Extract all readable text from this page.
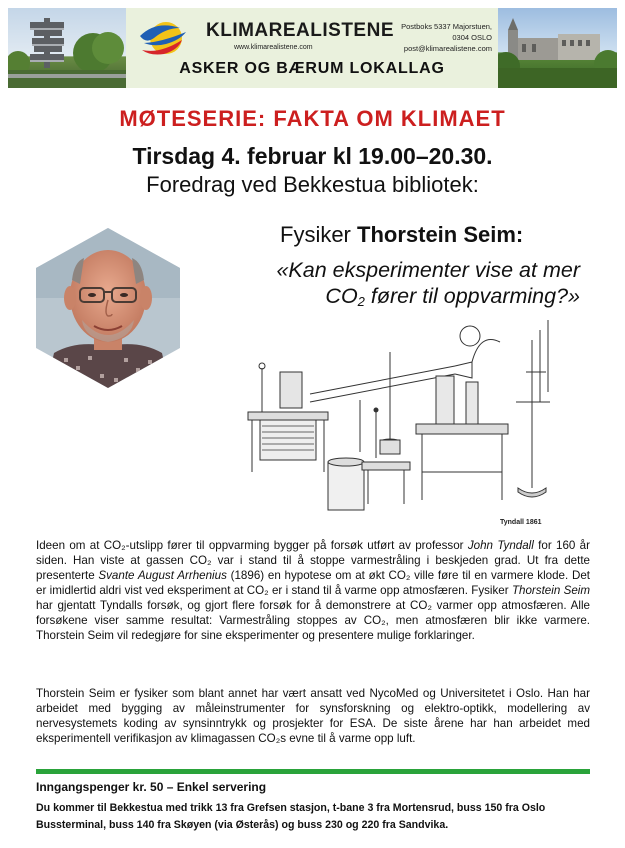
KLIMAREALISTENE
www.klimarealistene.com
Postboks 5337 Majorstuen,
0304 OSLO
post@klimarealistene.com
ASKER OG BÆRUM LOKALLAG
MØTESERIE: FAKTA OM KLIMAET
Tirsdag 4. februar kl 19.00–20.30.
Foredrag ved Bekkestua bibliotek:
Fysiker Thorstein Seim:
«Kan eksperimenter vise at mer
$CO_2$ fører til oppvarming?»
Tyndall 1861
Ideen om at CO₂-utslipp fører til oppvarming bygger på forsøk utført av professor John Tyndall for 160 år siden. Han viste at gassen CO₂ var i stand til å stoppe varmestråling i beskjeden grad. Ut fra dette presenterte Svante August Arrhenius (1896) en hypotese om at økt CO₂ ville føre til en varmere klode. Det er imidlertid aldri vist ved eksperiment at CO₂ er i stand til å varme opp atmosfæren. Fysiker Thorstein Seim har gjentatt Tyndalls forsøk, og gjort flere forsøk for å demonstrere at CO₂ varmer opp atmosfæren. Alle forsøkene viser samme resultat: Varmestråling stoppes av CO₂, men atmosfæren blir ikke varmere. Thorstein Seim vil redegjøre for sine eksperimenter og presentere mulige forklaringer.
Thorstein Seim er fysiker som blant annet har vært ansatt ved NycoMed og Universitetet i Oslo. Han har arbeidet med bygging av måleinstrumenter for synsforskning og elektro-optikk, modellering av nervesystemets koding av synsinntrykk og prosjekter for ESA. De siste årene har han arbeidet med eksperimentell verifikasjon av klimagassen CO₂s evne til å varme opp luft.
Inngangspenger kr. 50 – Enkel servering
Du kommer til Bekkestua med trikk 13 fra Grefsen stasjon, t-bane 3 fra Mortensrud, buss 150 fra Oslo Bussterminal, buss 140 fra Skøyen (via Østerås) og buss 230 og 220 fra Sandvika.
